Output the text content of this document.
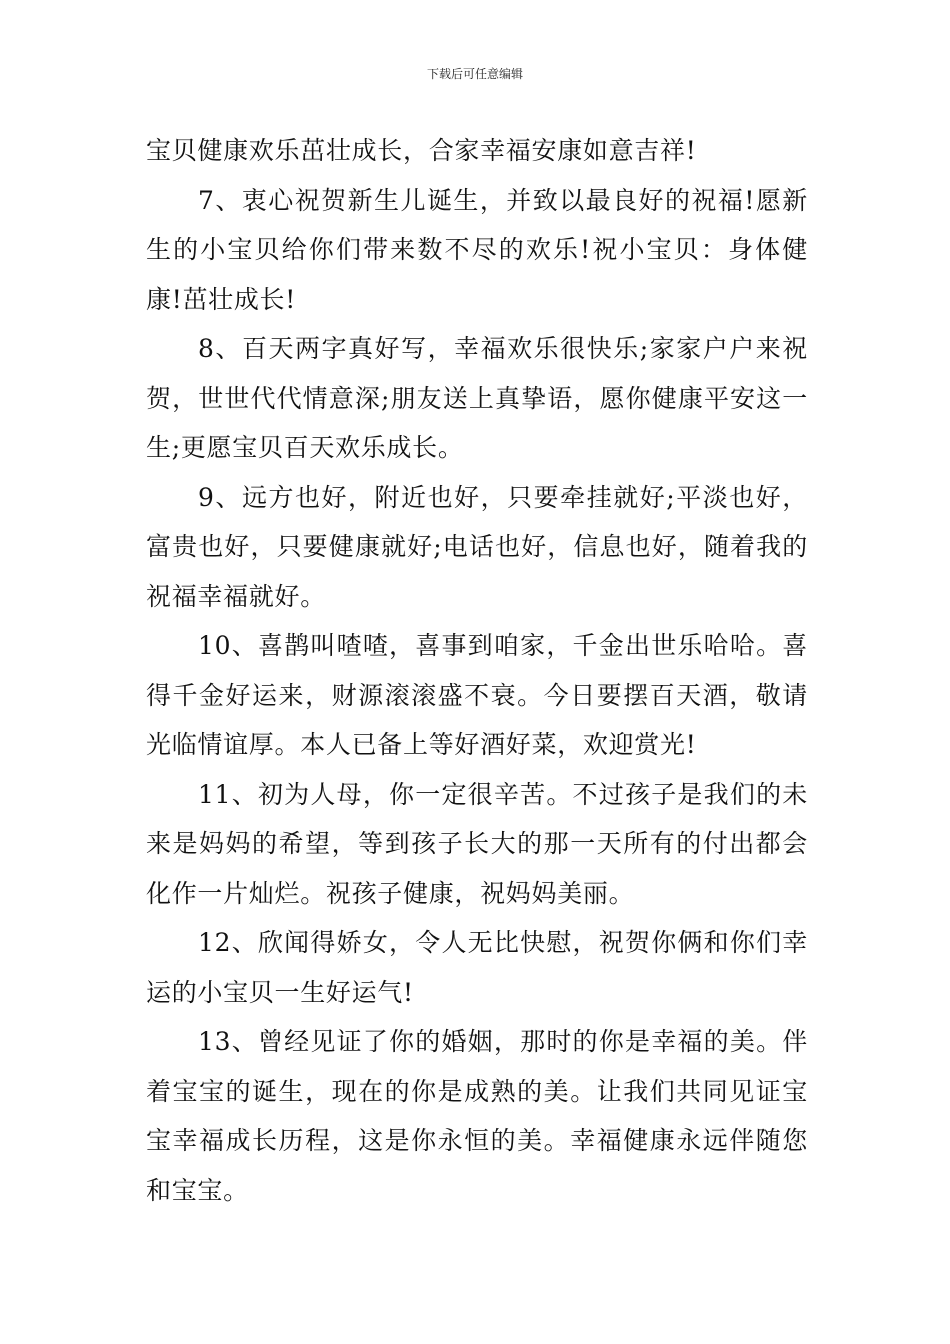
下载后可任意编辑

宝贝健康欢乐茁壮成长，合家幸福安康如意吉祥!

7、衷心祝贺新生儿诞生，并致以最良好的祝福!愿新生的小宝贝给你们带来数不尽的欢乐!祝小宝贝：身体健康!茁壮成长!

8、百天两字真好写，幸福欢乐很快乐;家家户户来祝贺，世世代代情意深;朋友送上真挚语，愿你健康平安这一生;更愿宝贝百天欢乐成长。

9、远方也好，附近也好，只要牵挂就好;平淡也好，富贵也好，只要健康就好;电话也好，信息也好，随着我的祝福幸福就好。

10、喜鹊叫喳喳，喜事到咱家，千金出世乐哈哈。喜得千金好运来，财源滚滚盛不衰。今日要摆百天酒，敬请光临情谊厚。本人已备上等好酒好菜，欢迎赏光!

11、初为人母，你一定很辛苦。不过孩子是我们的未来是妈妈的希望，等到孩子长大的那一天所有的付出都会化作一片灿烂。祝孩子健康，祝妈妈美丽。

12、欣闻得娇女，令人无比快慰，祝贺你俩和你们幸运的小宝贝一生好运气!

13、曾经见证了你的婚姻，那时的你是幸福的美。伴着宝宝的诞生，现在的你是成熟的美。让我们共同见证宝宝幸福成长历程，这是你永恒的美。幸福健康永远伴随您和宝宝。
